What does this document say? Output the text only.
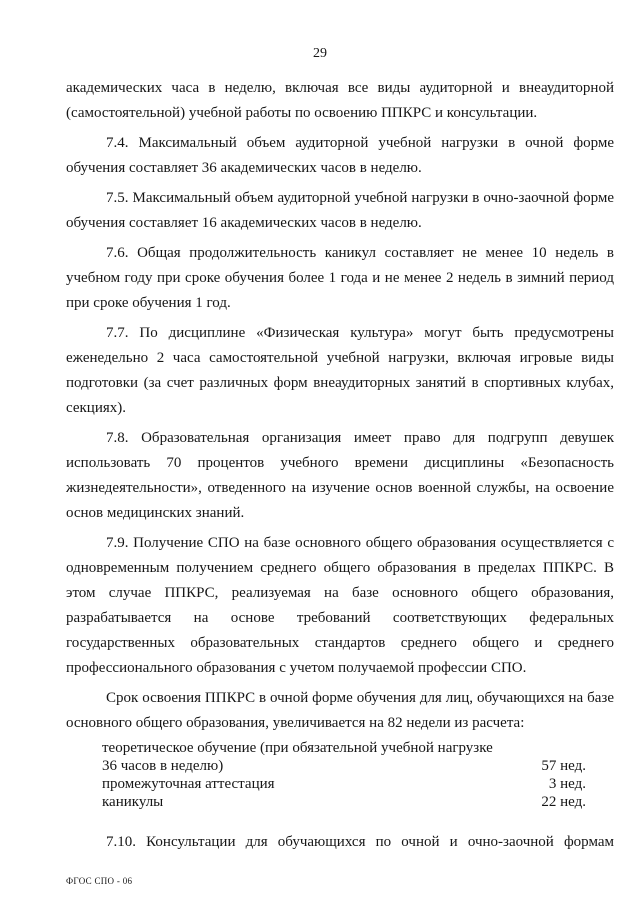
29

академических часа в неделю, включая все виды аудиторной и внеаудиторной (самостоятельной) учебной работы по освоению ППКРС и консультации.

7.4. Максимальный объем аудиторной учебной нагрузки в очной форме обучения составляет 36 академических часов в неделю.

7.5. Максимальный объем аудиторной учебной нагрузки в очно-заочной форме обучения составляет 16 академических часов в неделю.

7.6. Общая продолжительность каникул составляет не менее 10 недель в учебном году при сроке обучения более 1 года и не менее 2 недель в зимний период при сроке обучения 1 год.

7.7. По дисциплине «Физическая культура» могут быть предусмотрены еженедельно 2 часа самостоятельной учебной нагрузки, включая игровые виды подготовки (за счет различных форм внеаудиторных занятий в спортивных клубах, секциях).

7.8. Образовательная организация имеет право для подгрупп девушек использовать 70 процентов учебного времени дисциплины «Безопасность жизнедеятельности», отведенного на изучение основ военной службы, на освоение основ медицинских знаний.

7.9. Получение СПО на базе основного общего образования осуществляется с одновременным получением среднего общего образования в пределах ППКРС. В этом случае ППКРС, реализуемая на базе основного общего образования, разрабатывается на основе требований соответствующих федеральных государственных образовательных стандартов среднего общего и среднего профессионального образования с учетом получаемой профессии СПО.

Срок освоения ППКРС в очной форме обучения для лиц, обучающихся на базе основного общего образования, увеличивается на 82 недели из расчета:

теоретическое обучение (при обязательной учебной нагрузке 36 часов в неделю)	57 нед.
промежуточная аттестация	3 нед.
каникулы	22 нед.

7.10. Консультации для обучающихся по очной и очно-заочной формам

ФГОС СПО - 06
